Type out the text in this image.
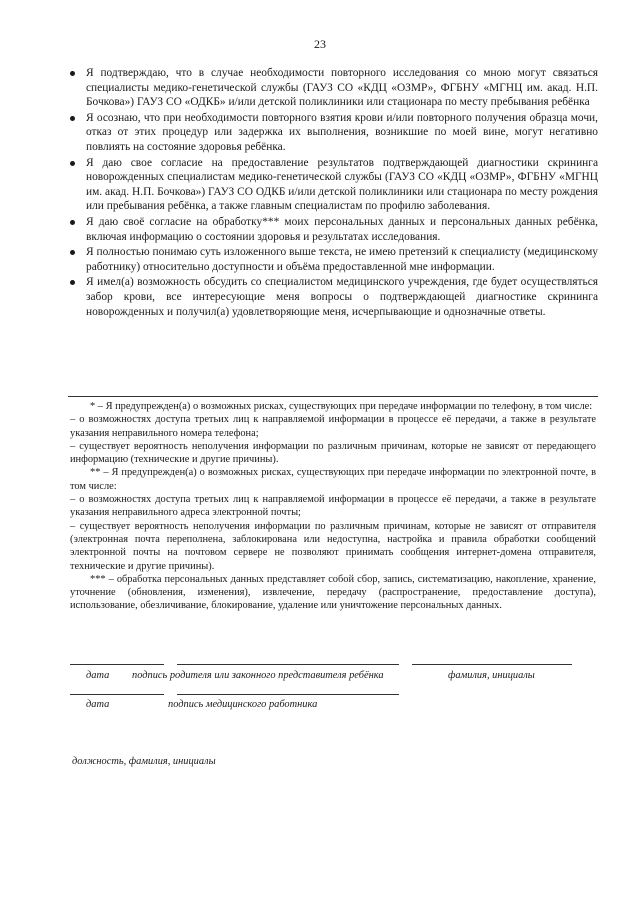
23
Я подтверждаю, что в случае необходимости повторного исследования со мною могут связаться специалисты медико-генетической службы (ГАУЗ СО «КДЦ «ОЗМР», ФГБНУ «МГНЦ им. акад. Н.П. Бочкова») ГАУЗ СО «ОДКБ» и/или детской поликлиники или стационара по месту пребывания ребёнка
Я осознаю, что при необходимости повторного взятия крови и/или повторного получения образца мочи, отказ от этих процедур или задержка их выполнения, возникшие по моей вине, могут негативно повлиять на состояние здоровья ребёнка.
Я даю свое согласие на предоставление результатов подтверждающей диагностики скрининга новорожденных специалистам медико-генетической службы (ГАУЗ СО «КДЦ «ОЗМР», ФГБНУ «МГНЦ им. акад. Н.П. Бочкова») ГАУЗ СО ОДКБ и/или детской поликлиники или стационара по месту рождения или пребывания ребёнка, а также главным специалистам по профилю заболевания.
Я даю своё согласие на обработку*** моих персональных данных и персональных данных ребёнка, включая информацию о состоянии здоровья и результатах исследования.
Я полностью понимаю суть изложенного выше текста, не имею претензий к специалисту (медицинскому работнику) относительно доступности и объёма предоставленной мне информации.
Я имел(а) возможность обсудить со специалистом медицинского учреждения, где будет осуществляться забор крови, все интересующие меня вопросы о подтверждающей диагностике скрининга новорожденных и получил(а) удовлетворяющие меня, исчерпывающие и однозначные ответы.

* – Я предупрежден(а) о возможных рисках, существующих при передаче информации по телефону, в том числе:

– о возможностях доступа третьих лиц к направляемой информации в процессе её передачи, а также в результате указания неправильного номера телефона;

– существует вероятность неполучения информации по различным причинам, которые не зависят от передающего информацию (технические и другие причины).

** – Я предупрежден(а) о возможных рисках, существующих при передаче информации по электронной почте, в том числе:

– о возможностях доступа третьих лиц к направляемой информации в процессе её передачи, а также в результате указания неправильного адреса электронной почты;

– существует вероятность неполучения информации по различным причинам, которые не зависят от отправителя (электронная почта переполнена, заблокирована или недоступна, настройка и правила обработки сообщений электронной почты на почтовом сервере не позволяют принимать сообщения интернет-домена отправителя, технические и другие причины).

*** – обработка персональных данных представляет собой сбор, запись, систематизацию, накопление, хранение, уточнение (обновления, изменения), извлечение, передачу (распространение, предоставление доступа), использование, обезличивание, блокирование, удаление или уничтожение персональных данных.

дата подпись родителя или законного представителя ребёнка	фамилия, инициалы
дата	подпись медицинского работника
должность, фамилия, инициалы
